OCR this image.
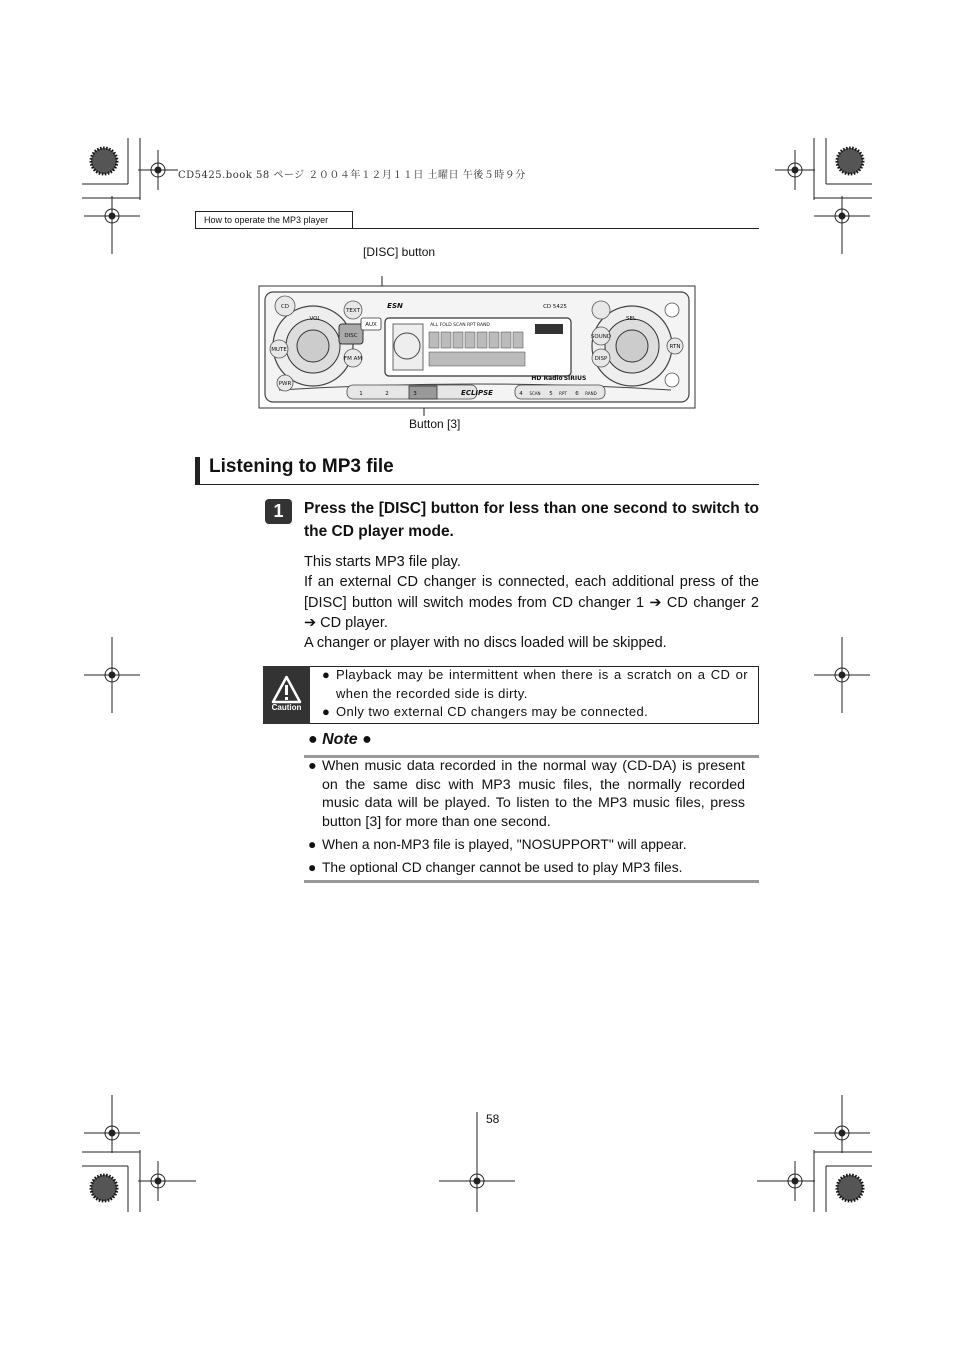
CD5425.book 58 ページ ２００４年１２月１１日 土曜日 午後５時９分
How to operate the MP3 player
[DISC] button
Button [3]
CD
VOL
MUTE
PWR
TEXT
DISC
AUX
FM AM
SEL
SOUND
DISP
RTN
CD 5425
ESN
ALL FOLD SCAN RPT RAND
ECLIPSE
HD Radio SIRIUS
1	2	3	4 SCAN 5 RPT 6 RAND
Listening to MP3 file
1	Press the [DISC] button for less than one second to switch to the CD player mode.

This starts MP3 file play.

If an external CD changer is connected, each additional press of the [DISC] button will switch modes from CD changer 1 ➔ CD changer 2 ➔ CD player.

A changer or player with no discs loaded will be skipped.

Caution
● Playback may be intermittent when there is a scratch on a CD or when the recorded side is dirty.
● Only two external CD changers may be connected.
● Note ●
● When music data recorded in the normal way (CD-DA) is present on the same disc with MP3 music files, the normally recorded music data will be played. To listen to the MP3 music files, press button [3] for more than one second.
● When a non-MP3 file is played, "NOSUPPORT" will appear.
● The optional CD changer cannot be used to play MP3 files.
58
